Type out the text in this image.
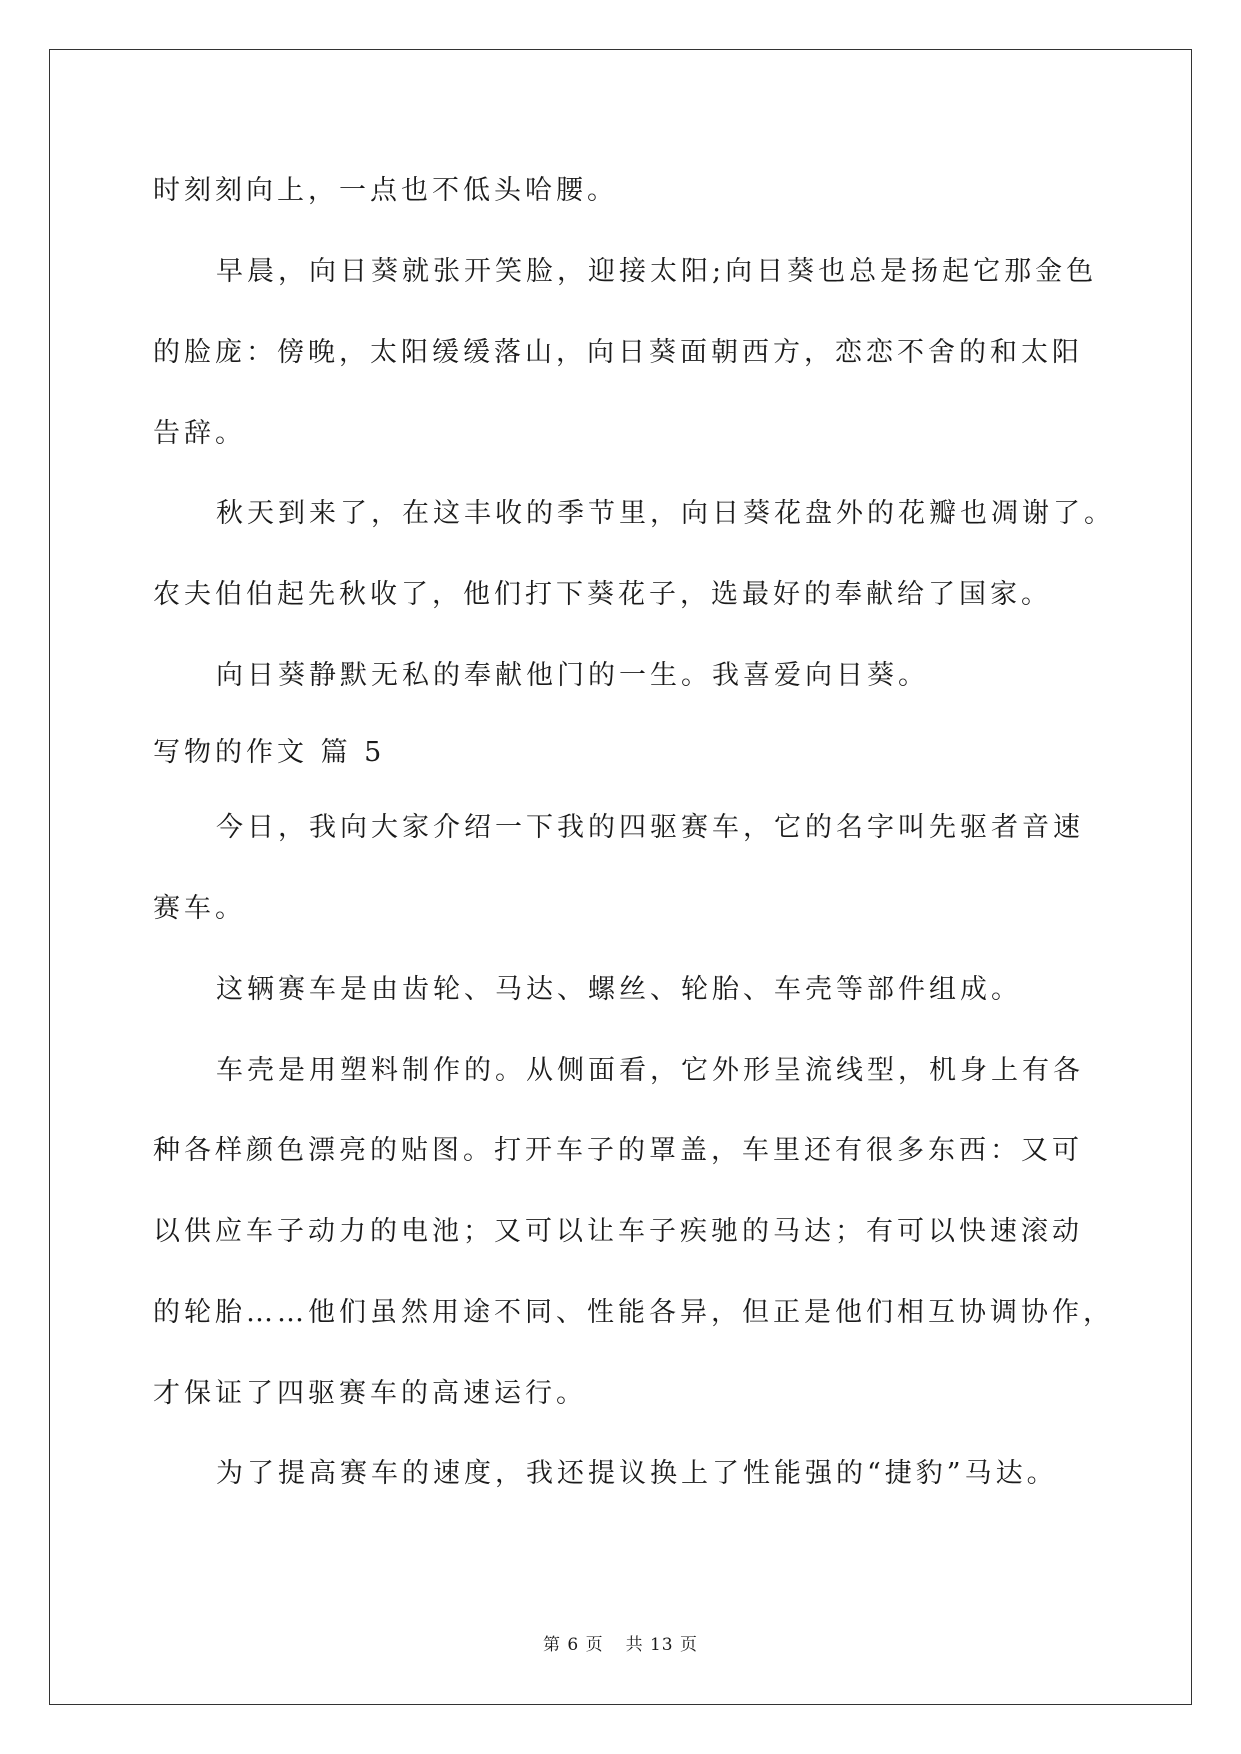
时刻刻向上，一点也不低头哈腰。
早晨，向日葵就张开笑脸，迎接太阳;向日葵也总是扬起它那金色
的脸庞：傍晚，太阳缓缓落山，向日葵面朝西方，恋恋不舍的和太阳
告辞。
秋天到来了，在这丰收的季节里，向日葵花盘外的花瓣也凋谢了。
农夫伯伯起先秋收了，他们打下葵花子，选最好的奉献给了国家。
向日葵静默无私的奉献他门的一生。我喜爱向日葵。
写物的作文 篇 5
今日，我向大家介绍一下我的四驱赛车，它的名字叫先驱者音速
赛车。
这辆赛车是由齿轮、马达、螺丝、轮胎、车壳等部件组成。
车壳是用塑料制作的。从侧面看，它外形呈流线型，机身上有各
种各样颜色漂亮的贴图。打开车子的罩盖，车里还有很多东西：又可
以供应车子动力的电池；又可以让车子疾驰的马达；有可以快速滚动
的轮胎……他们虽然用途不同、性能各异，但正是他们相互协调协作，
才保证了四驱赛车的高速运行。
为了提高赛车的速度，我还提议换上了性能强的“捷豹”马达。
第 6 页 共 13 页
